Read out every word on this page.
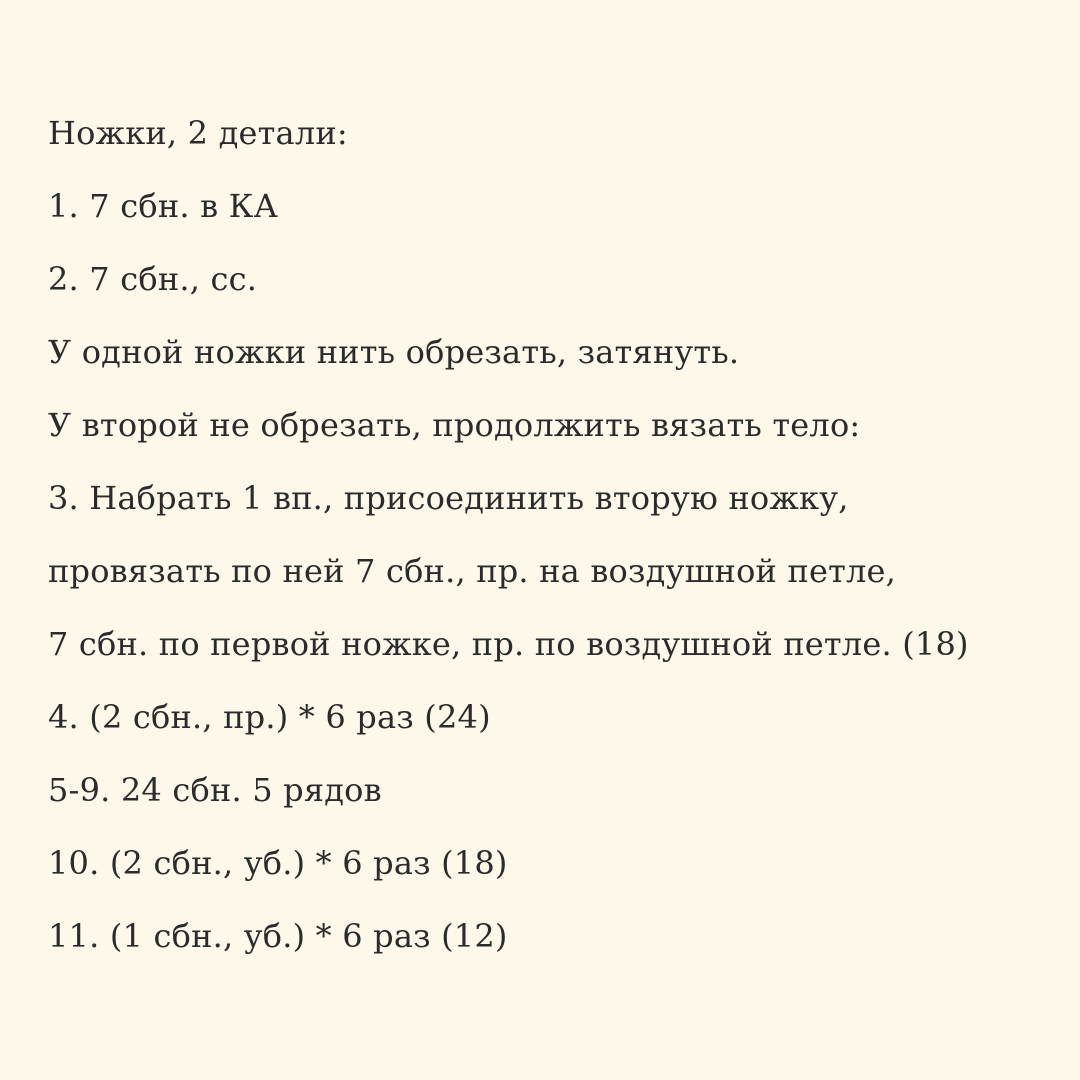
Ножки, 2 детали:
1. 7 сбн. в КА
2. 7 сбн., сс.
У одной ножки нить обрезать, затянуть.
У второй не обрезать, продолжить вязать тело:
3. Набрать 1 вп., присоединить вторую ножку,
провязать по ней 7 сбн., пр. на воздушной петле,
7 сбн. по первой ножке, пр. по воздушной петле. (18)
4. (2 сбн., пр.) * 6 раз (24)
5-9. 24 сбн. 5 рядов
10. (2 сбн., уб.) * 6 раз (18)
11. (1 сбн., уб.) * 6 раз (12)
